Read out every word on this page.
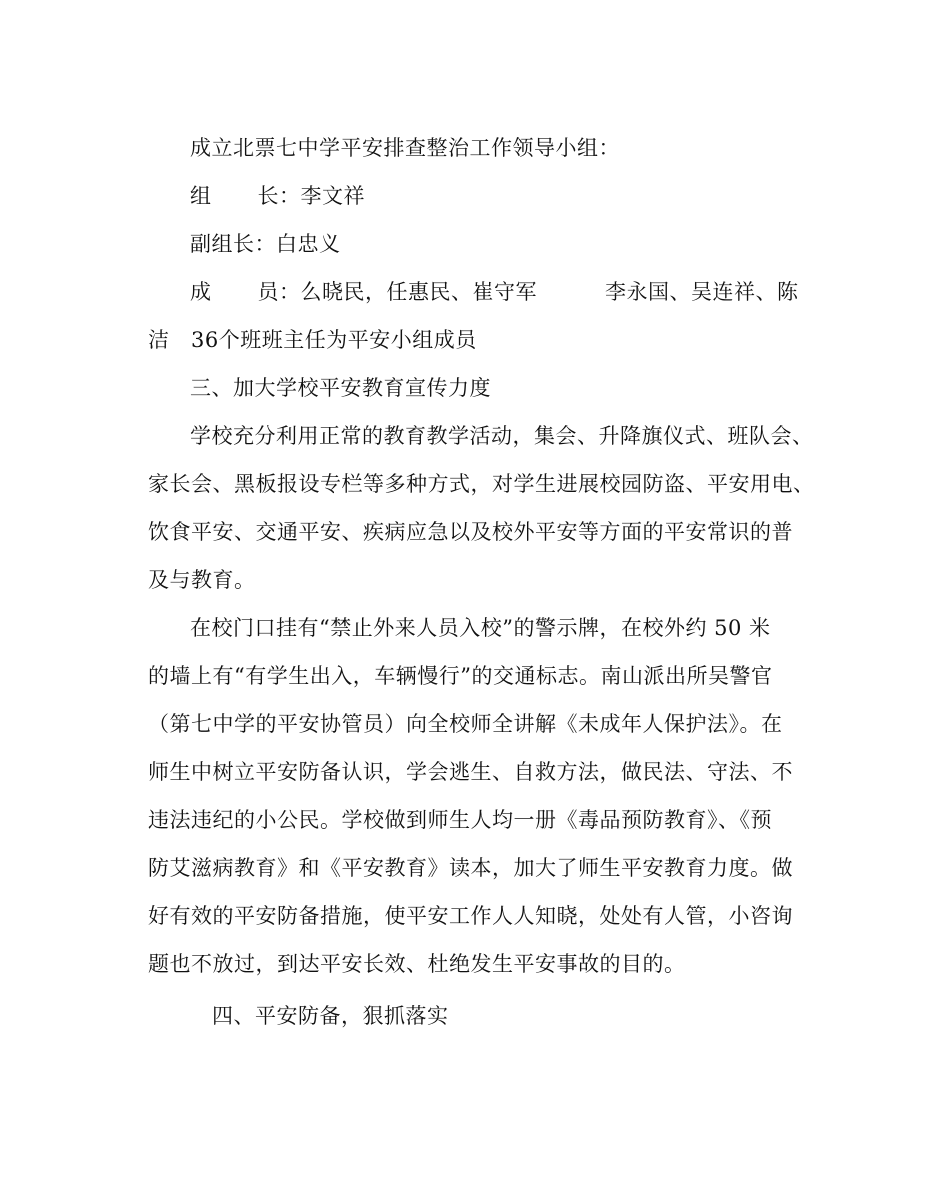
成立北票七中学平安排查整治工作领导小组：
组 长：李文祥
副组长：白忠义
成 员：么晓民，任惠民、崔守军	李永国、吴连祥、陈
洁　36个班班主任为平安小组成员
三、加大学校平安教育宣传力度
学校充分利用正常的教育教学活动，集会、升降旗仪式、班队会、
家长会、黑板报设专栏等多种方式，对学生进展校园防盗、平安用电、
饮食平安、交通平安、疾病应急以及校外平安等方面的平安常识的普
及与教育。
在校门口挂有“禁止外来人员入校”的警示牌，在校外约 50 米
的墙上有“有学生出入，车辆慢行”的交通标志。南山派出所吴警官
（第七中学的平安协管员）向全校师全讲解《未成年人保护法》。在
师生中树立平安防备认识，学会逃生、自救方法，做民法、守法、不
违法违纪的小公民。学校做到师生人均一册《毒品预防教育》、《预
防艾滋病教育》和《平安教育》读本，加大了师生平安教育力度。做
好有效的平安防备措施，使平安工作人人知晓，处处有人管，小咨询
题也不放过，到达平安长效、杜绝发生平安事故的目的。
四、平安防备，狠抓落实
